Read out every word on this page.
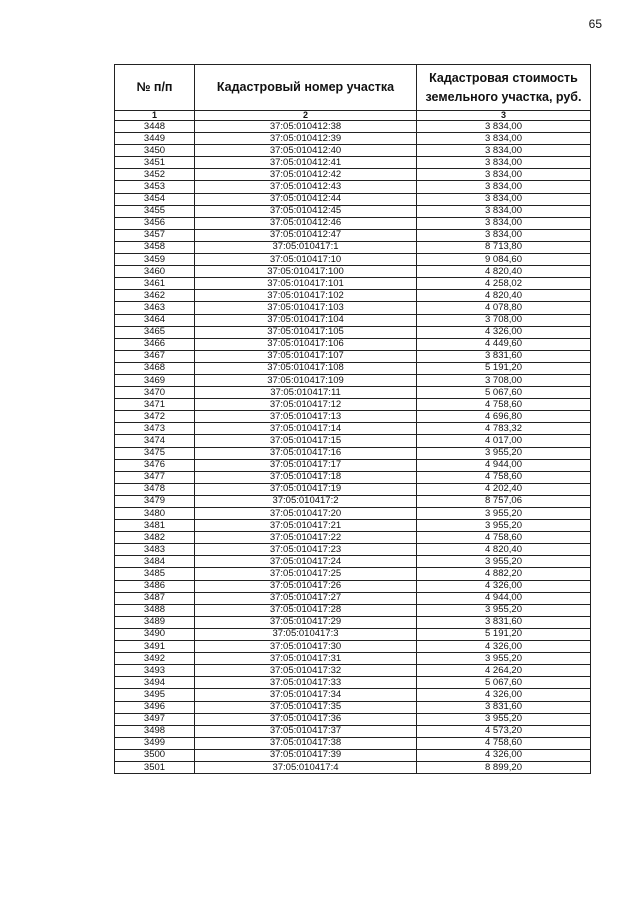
65
№ п/п	Кадастровый номер участка	Кадастровая стоимость земельного участка, руб.
1	2	3
3448	37:05:010412:38	3 834,00
3449	37:05:010412:39	3 834,00
3450	37:05:010412:40	3 834,00
3451	37:05:010412:41	3 834,00
3452	37:05:010412:42	3 834,00
3453	37:05:010412:43	3 834,00
3454	37:05:010412:44	3 834,00
3455	37:05:010412:45	3 834,00
3456	37:05:010412:46	3 834,00
3457	37:05:010412:47	3 834,00
3458	37:05:010417:1	8 713,80
3459	37:05:010417:10	9 084,60
3460	37:05:010417:100	4 820,40
3461	37:05:010417:101	4 258,02
3462	37:05:010417:102	4 820,40
3463	37:05:010417:103	4 078,80
3464	37:05:010417:104	3 708,00
3465	37:05:010417:105	4 326,00
3466	37:05:010417:106	4 449,60
3467	37:05:010417:107	3 831,60
3468	37:05:010417:108	5 191,20
3469	37:05:010417:109	3 708,00
3470	37:05:010417:11	5 067,60
3471	37:05:010417:12	4 758,60
3472	37:05:010417:13	4 696,80
3473	37:05:010417:14	4 783,32
3474	37:05:010417:15	4 017,00
3475	37:05:010417:16	3 955,20
3476	37:05:010417:17	4 944,00
3477	37:05:010417:18	4 758,60
3478	37:05:010417:19	4 202,40
3479	37:05:010417:2	8 757,06
3480	37:05:010417:20	3 955,20
3481	37:05:010417:21	3 955,20
3482	37:05:010417:22	4 758,60
3483	37:05:010417:23	4 820,40
3484	37:05:010417:24	3 955,20
3485	37:05:010417:25	4 882,20
3486	37:05:010417:26	4 326,00
3487	37:05:010417:27	4 944,00
3488	37:05:010417:28	3 955,20
3489	37:05:010417:29	3 831,60
3490	37:05:010417:3	5 191,20
3491	37:05:010417:30	4 326,00
3492	37:05:010417:31	3 955,20
3493	37:05:010417:32	4 264,20
3494	37:05:010417:33	5 067,60
3495	37:05:010417:34	4 326,00
3496	37:05:010417:35	3 831,60
3497	37:05:010417:36	3 955,20
3498	37:05:010417:37	4 573,20
3499	37:05:010417:38	4 758,60
3500	37:05:010417:39	4 326,00
3501	37:05:010417:4	8 899,20
